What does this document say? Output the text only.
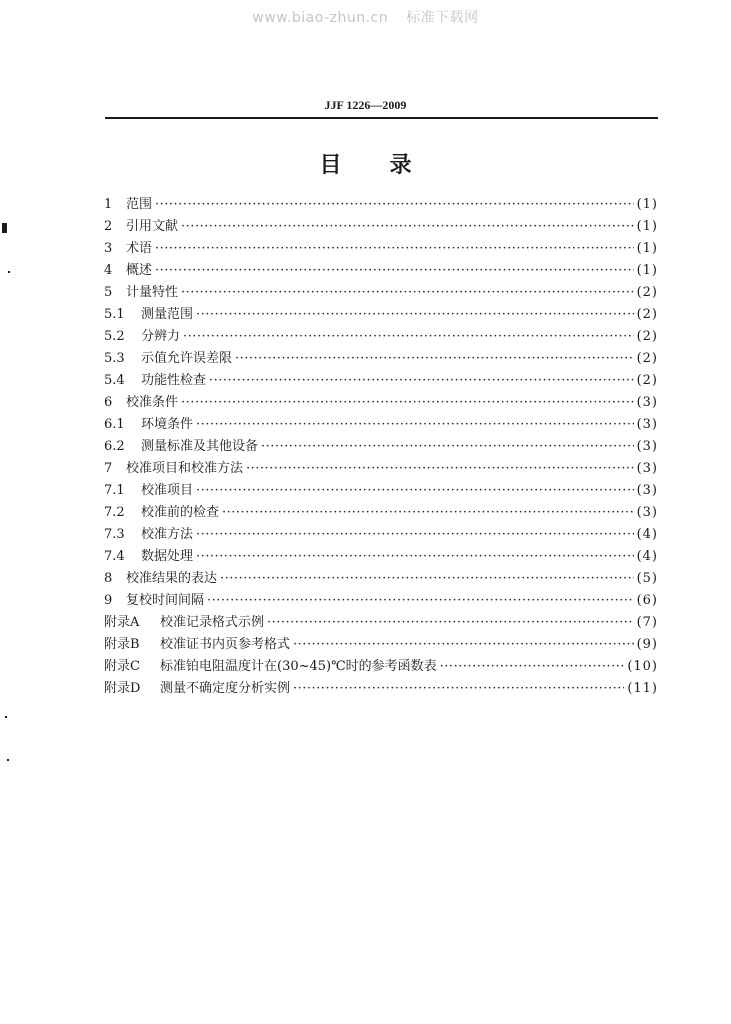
www.biao-zhun.cn 标准下载网
JJF 1226—2009
目录
1	范围 ·····	(1)
2	引用文献 ·····	(1)
3	术语 ·····	(1)
4	概述 ·····	(1)
5	计量特性 ·····	(2)
5.1	测量范围 ·····	(2)
5.2	分辨力 ·····	(2)
5.3	示值允许误差限 ·····	(2)
5.4	功能性检查 ·····	(2)
6	校准条件 ·····	(3)
6.1	环境条件 ·····	(3)
6.2	测量标准及其他设备 ·····	(3)
7	校准项目和校准方法 ·····	(3)
7.1	校准项目 ·····	(3)
7.2	校准前的检查 ·····	(3)
7.3	校准方法 ·····	(4)
7.4	数据处理 ·····	(4)
8	校准结果的表达 ·····	(5)
9	复校时间间隔 ·····	(6)
附录A	校准记录格式示例 ·····	(7)
附录B	校准证书内页参考格式 ·····	(9)
附录C	标准铂电阻温度计在(30~45)℃时的参考函数表 ·····	(10)
附录D	测量不确定度分析实例 ·····	(11)
